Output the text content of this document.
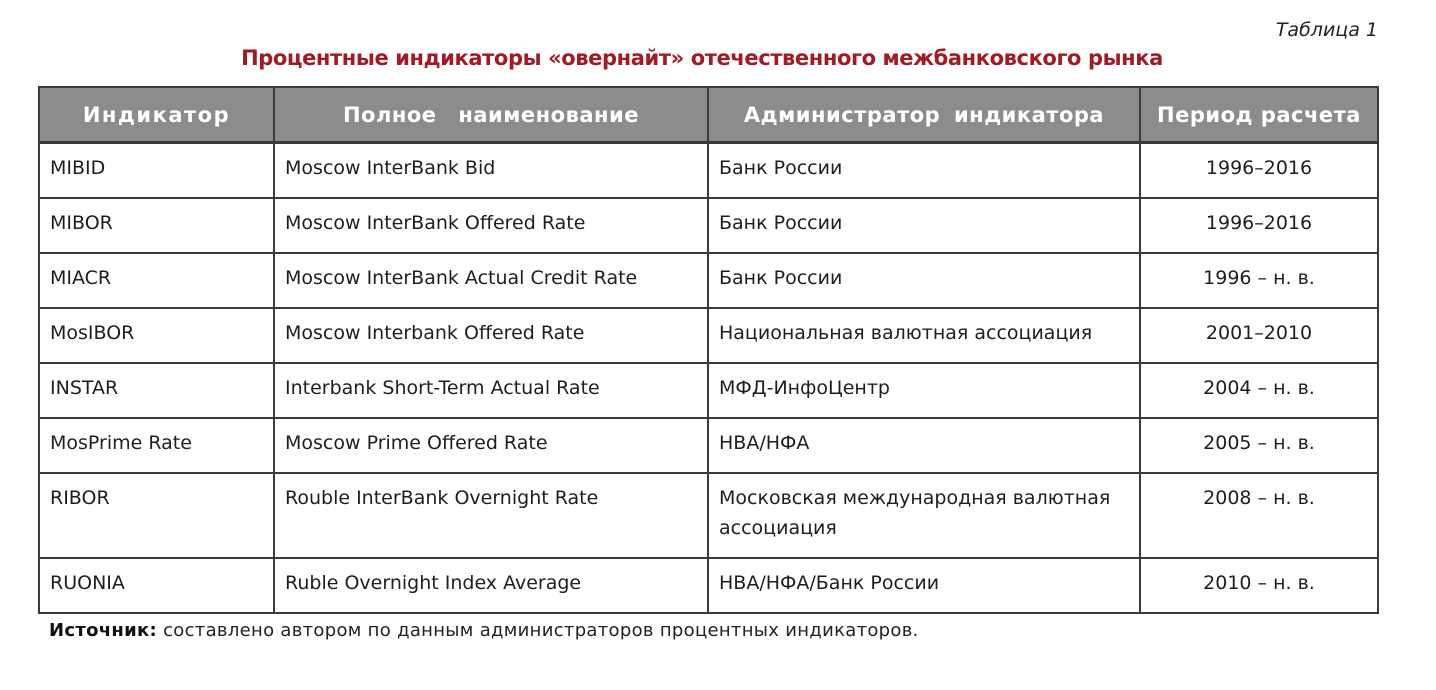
Таблица 1
Процентные индикаторы «овернайт» отечественного межбанковского рынка
Индикатор	Полное наименование	Администратор индикатора	Период расчета
MIBID	Moscow InterBank Bid	Банк России	1996–2016
MIBOR	Moscow InterBank Offered Rate	Банк России	1996–2016
MIACR	Moscow InterBank Actual Credit Rate	Банк России	1996 – н. в.
MosIBOR	Moscow Interbank Offered Rate	Национальная валютная ассоциация	2001–2010
INSTAR	Interbank Short-Term Actual Rate	МФД-ИнфоЦентр	2004 – н. в.
MosPrime Rate	Moscow Prime Offered Rate	НВА/НФА	2005 – н. в.
RIBOR	Rouble InterBank Overnight Rate	Московская международная валютная ассоциация	2008 – н. в.
RUONIA	Ruble Overnight Index Average	НВА/НФА/Банк России	2010 – н. в.
Источник: составлено автором по данным администраторов процентных индикаторов.
